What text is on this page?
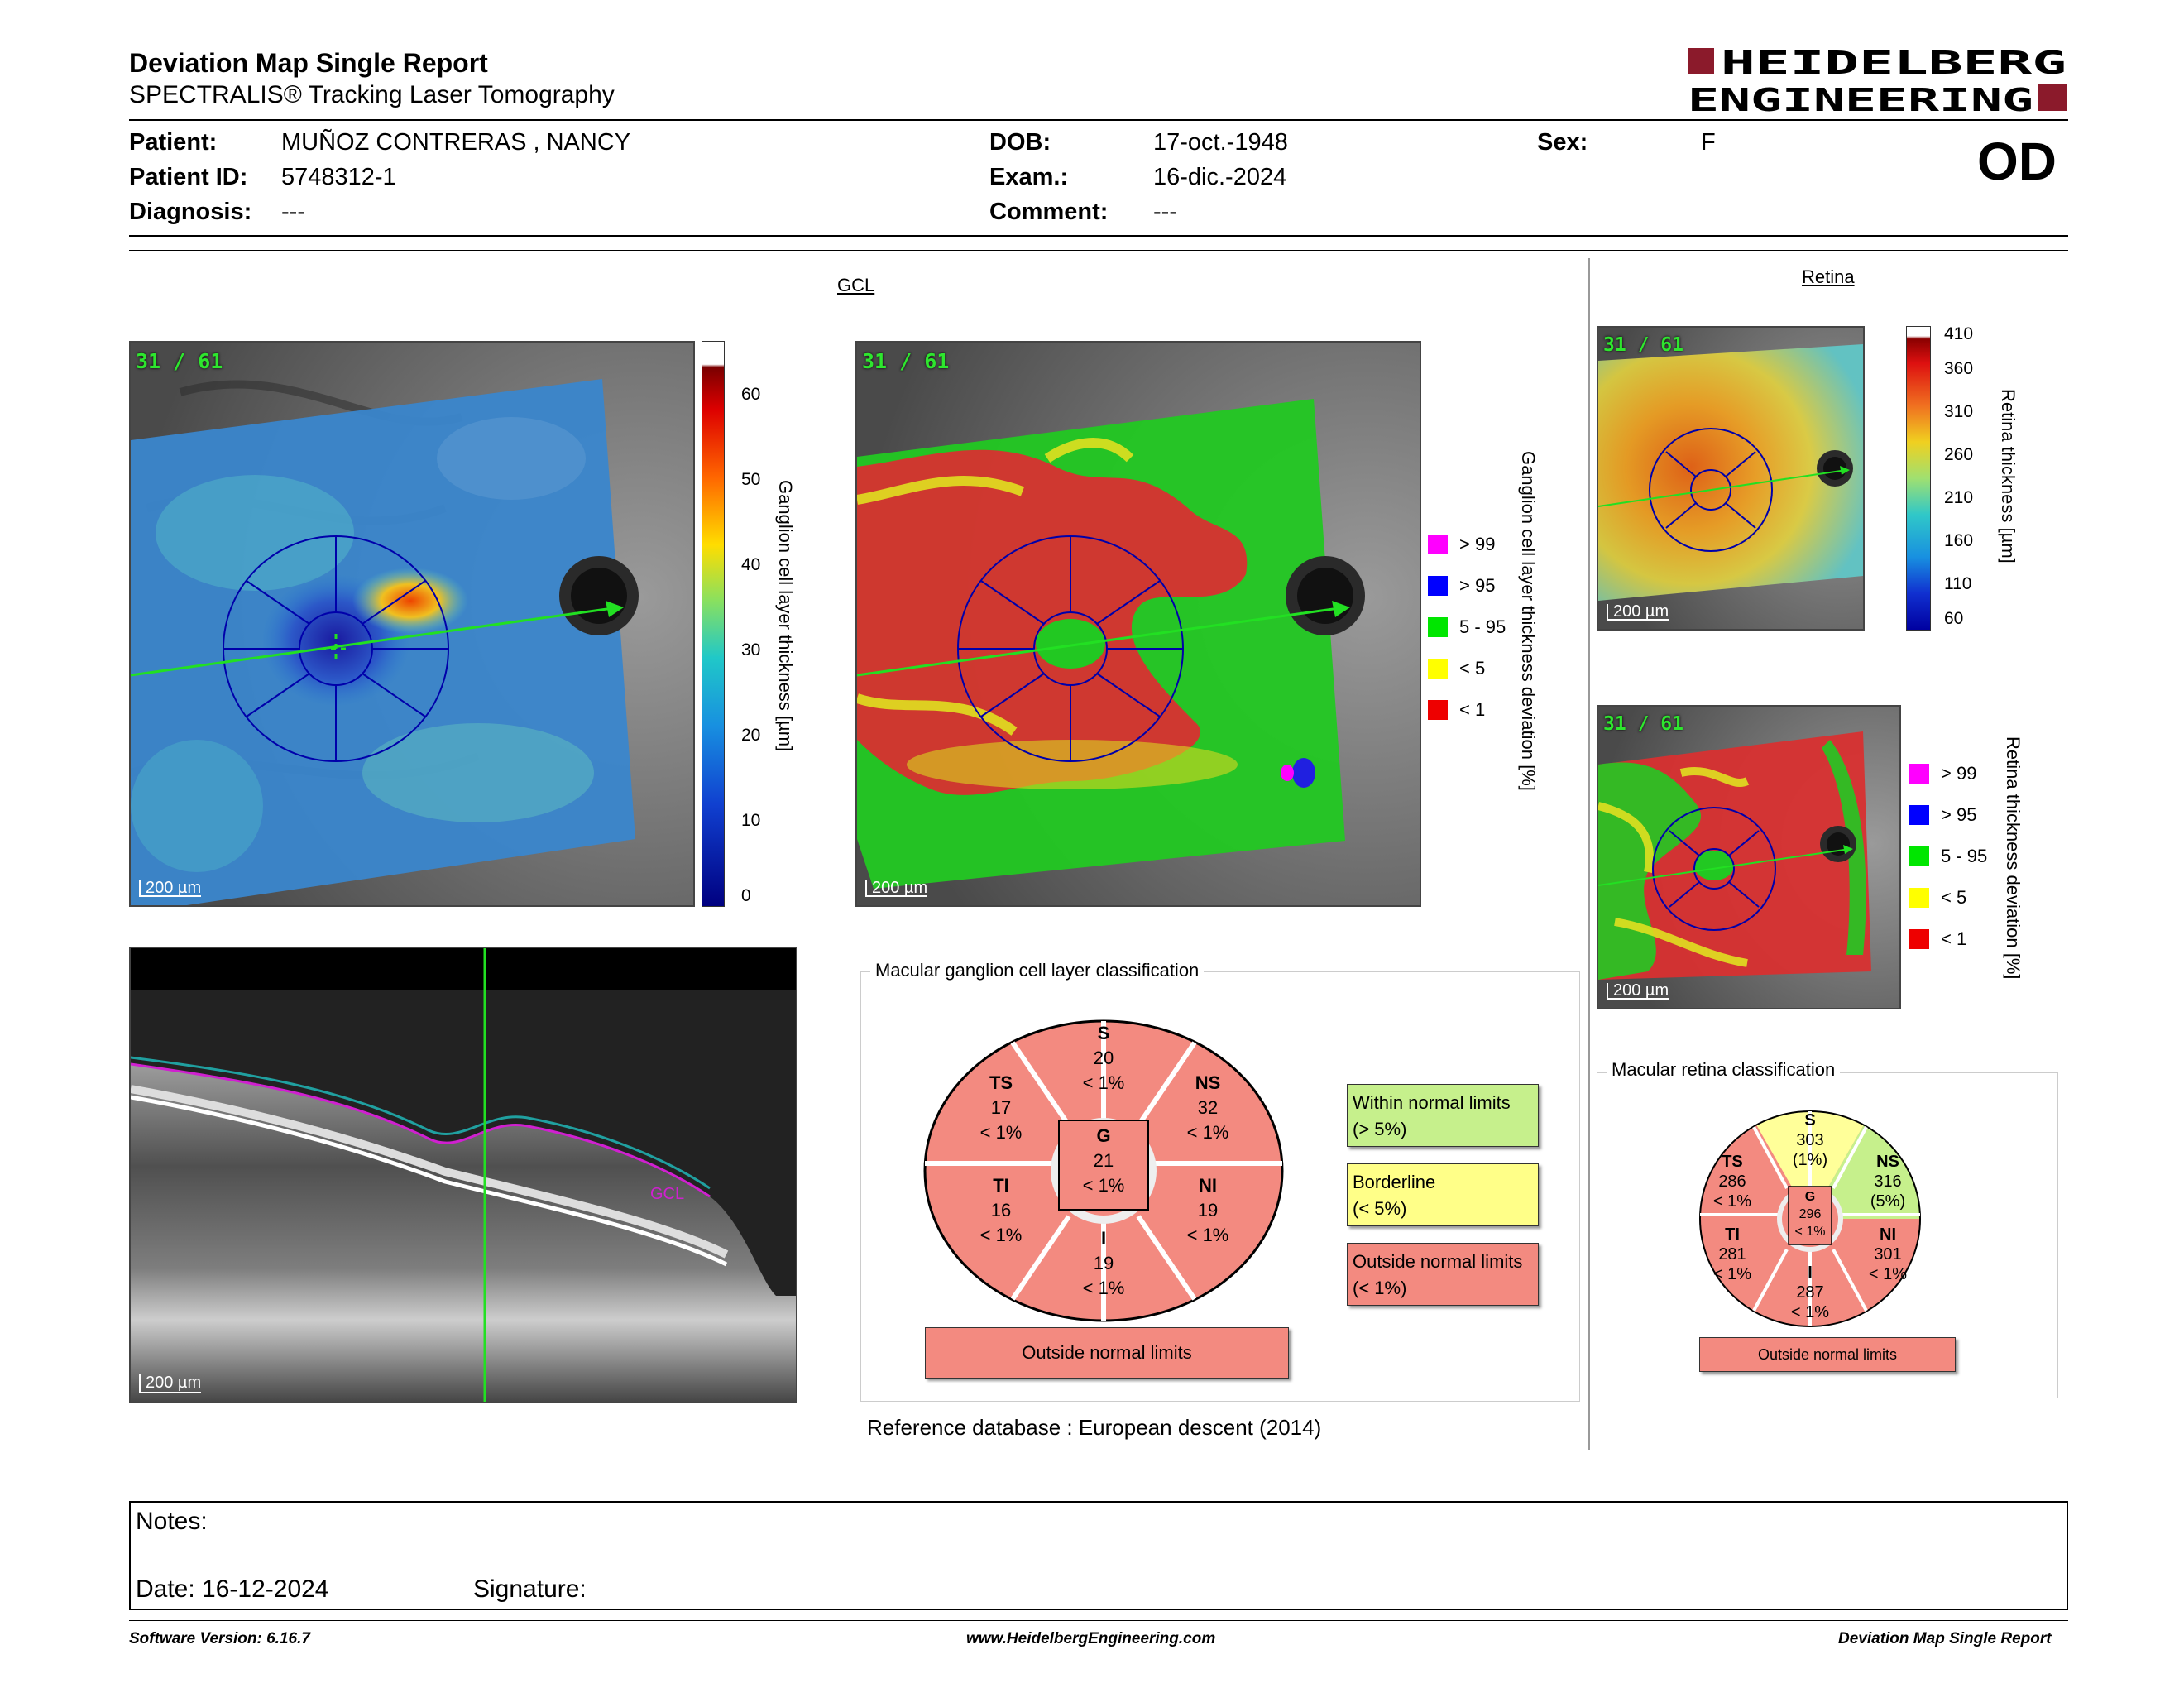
Deviation Map Single Report
SPECTRALIS® Tracking Laser Tomography
HEIDELBERG
ENGINEERING
Patient:	MUÑOZ CONTRERAS , NANCY
Patient ID: 5748312-1
Diagnosis: ---
DOB:	17-oct.-1948
Exam.:	16-dic.-2024
Comment: ---
Sex:	F	OD
GCL
31 / 61
200 µm
60
50
40
30
20
10
0
Ganglion cell layer thickness [µm]
31 / 61
200 µm
> 99
> 95
5 - 95
< 5
< 1 Ganglion cell layer thickness deviation [%]
GCL
200 µm
Macular ganglion cell layer classification
S
20
< 1%
TS
17
< 1%
NS
32
< 1%
TI
16
< 1%
NI
19
< 1%
I
19
< 1%
G
21
< 1%
Outside normal limits
Within normal limits
(> 5%)
Borderline
(< 5%)
Outside normal limits
(< 1%)
Reference database : European descent (2014)
Retina
31 / 61
200 µm
410
360
310
260
210
160
110
60
Retina thickness [µm]
31 / 61
200 µm
> 99
> 95
5 - 95
< 5
< 1 Retina thickness deviation [%]
Macular retina classification
S
303
(1%)
TS
286
< 1%
NS
316
(5%)
TI
281
< 1%
NI
301
< 1%
I
287
< 1%
G
296
< 1%
Outside normal limits
Notes:
Date: 16-12-2024	Signature:
Software Version: 6.16.7	www.HeidelbergEngineering.com	Deviation Map Single Report
